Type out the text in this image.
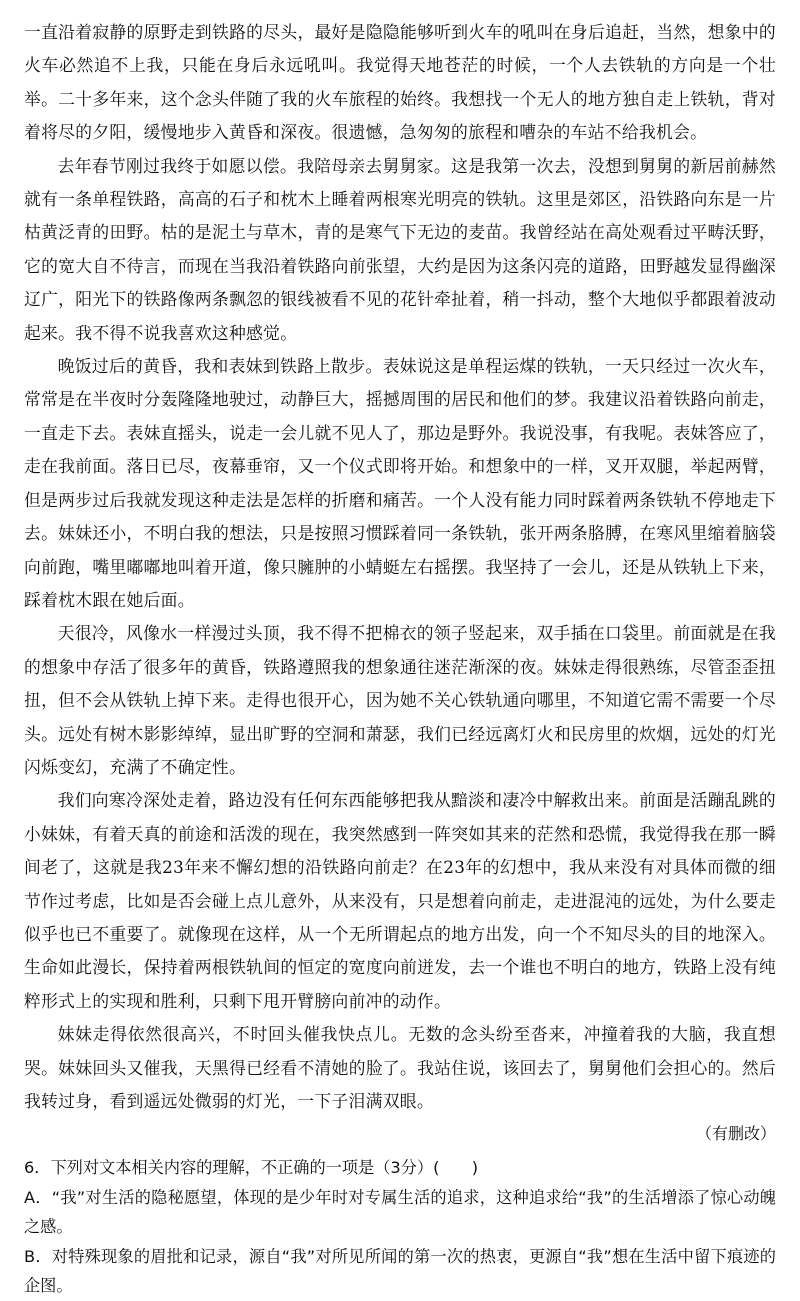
一直沿着寂静的原野走到铁路的尽头，最好是隐隐能够听到火车的吼叫在身后追赶，当然，想象中的火车必然追不上我，只能在身后永远吼叫。我觉得天地苍茫的时候，一个人去铁轨的方向是一个壮举。二十多年来，这个念头伴随了我的火车旅程的始终。我想找一个无人的地方独自走上铁轨，背对着将尽的夕阳，缓慢地步入黄昏和深夜。很遗憾，急匆匆的旅程和嘈杂的车站不给我机会。

去年春节刚过我终于如愿以偿。我陪母亲去舅舅家。这是我第一次去，没想到舅舅的新居前赫然就有一条单程铁路，高高的石子和枕木上睡着两根寒光明亮的铁轨。这里是郊区，沿铁路向东是一片枯黄泛青的田野。枯的是泥土与草木，青的是寒气下无边的麦苗。我曾经站在高处观看过平畴沃野，它的宽大自不待言，而现在当我沿着铁路向前张望，大约是因为这条闪亮的道路，田野越发显得幽深辽广，阳光下的铁路像两条飘忽的银线被看不见的花针牵扯着，稍一抖动，整个大地似乎都跟着波动起来。我不得不说我喜欢这种感觉。

晚饭过后的黄昏，我和表妹到铁路上散步。表妹说这是单程运煤的铁轨，一天只经过一次火车，常常是在半夜时分轰隆隆地驶过，动静巨大，摇撼周围的居民和他们的梦。我建议沿着铁路向前走，一直走下去。表妹直摇头，说走一会儿就不见人了，那边是野外。我说没事，有我呢。表妹答应了，走在我前面。落日已尽，夜幕垂帘，又一个仪式即将开始。和想象中的一样，叉开双腿，举起两臂，但是两步过后我就发现这种走法是怎样的折磨和痛苦。一个人没有能力同时踩着两条铁轨不停地走下去。妹妹还小，不明白我的想法，只是按照习惯踩着同一条铁轨，张开两条胳膊，在寒风里缩着脑袋向前跑，嘴里嘟嘟地叫着开道，像只臃肿的小蜻蜓左右摇摆。我坚持了一会儿，还是从铁轨上下来，踩着枕木跟在她后面。

天很冷，风像水一样漫过头顶，我不得不把棉衣的领子竖起来，双手插在口袋里。前面就是在我的想象中存活了很多年的黄昏，铁路遵照我的想象通往迷茫渐深的夜。妹妹走得很熟练，尽管歪歪扭扭，但不会从铁轨上掉下来。走得也很开心，因为她不关心铁轨通向哪里，不知道它需不需要一个尽头。远处有树木影影绰绰，显出旷野的空洞和萧瑟，我们已经远离灯火和民房里的炊烟，远处的灯光闪烁变幻，充满了不确定性。

我们向寒冷深处走着，路边没有任何东西能够把我从黯淡和凄冷中解救出来。前面是活蹦乱跳的小妹妹，有着天真的前途和活泼的现在，我突然感到一阵突如其来的茫然和恐慌，我觉得我在那一瞬间老了，这就是我23年来不懈幻想的沿铁路向前走？在23年的幻想中，我从来没有对具体而微的细节作过考虑，比如是否会碰上点儿意外，从来没有，只是想着向前走，走进混沌的远处，为什么要走似乎也已不重要了。就像现在这样，从一个无所谓起点的地方出发，向一个不知尽头的目的地深入。生命如此漫长，保持着两根铁轨间的恒定的宽度向前迸发，去一个谁也不明白的地方，铁路上没有纯粹形式上的实现和胜利，只剩下甩开臂膀向前冲的动作。

妹妹走得依然很高兴，不时回头催我快点儿。无数的念头纷至沓来，冲撞着我的大脑，我直想哭。妹妹回头又催我，天黑得已经看不清她的脸了。我站住说，该回去了，舅舅他们会担心的。然后我转过身，看到遥远处微弱的灯光，一下子泪满双眼。

（有删改）

6．下列对文本相关内容的理解，不正确的一项是（3分）(　　)

A．“我”对生活的隐秘愿望，体现的是少年时对专属生活的追求，这种追求给“我”的生活增添了惊心动魄之感。

B．对特殊现象的眉批和记录，源自“我”对所见所闻的第一次的热衷，更源自“我”想在生活中留下痕迹的企图。
